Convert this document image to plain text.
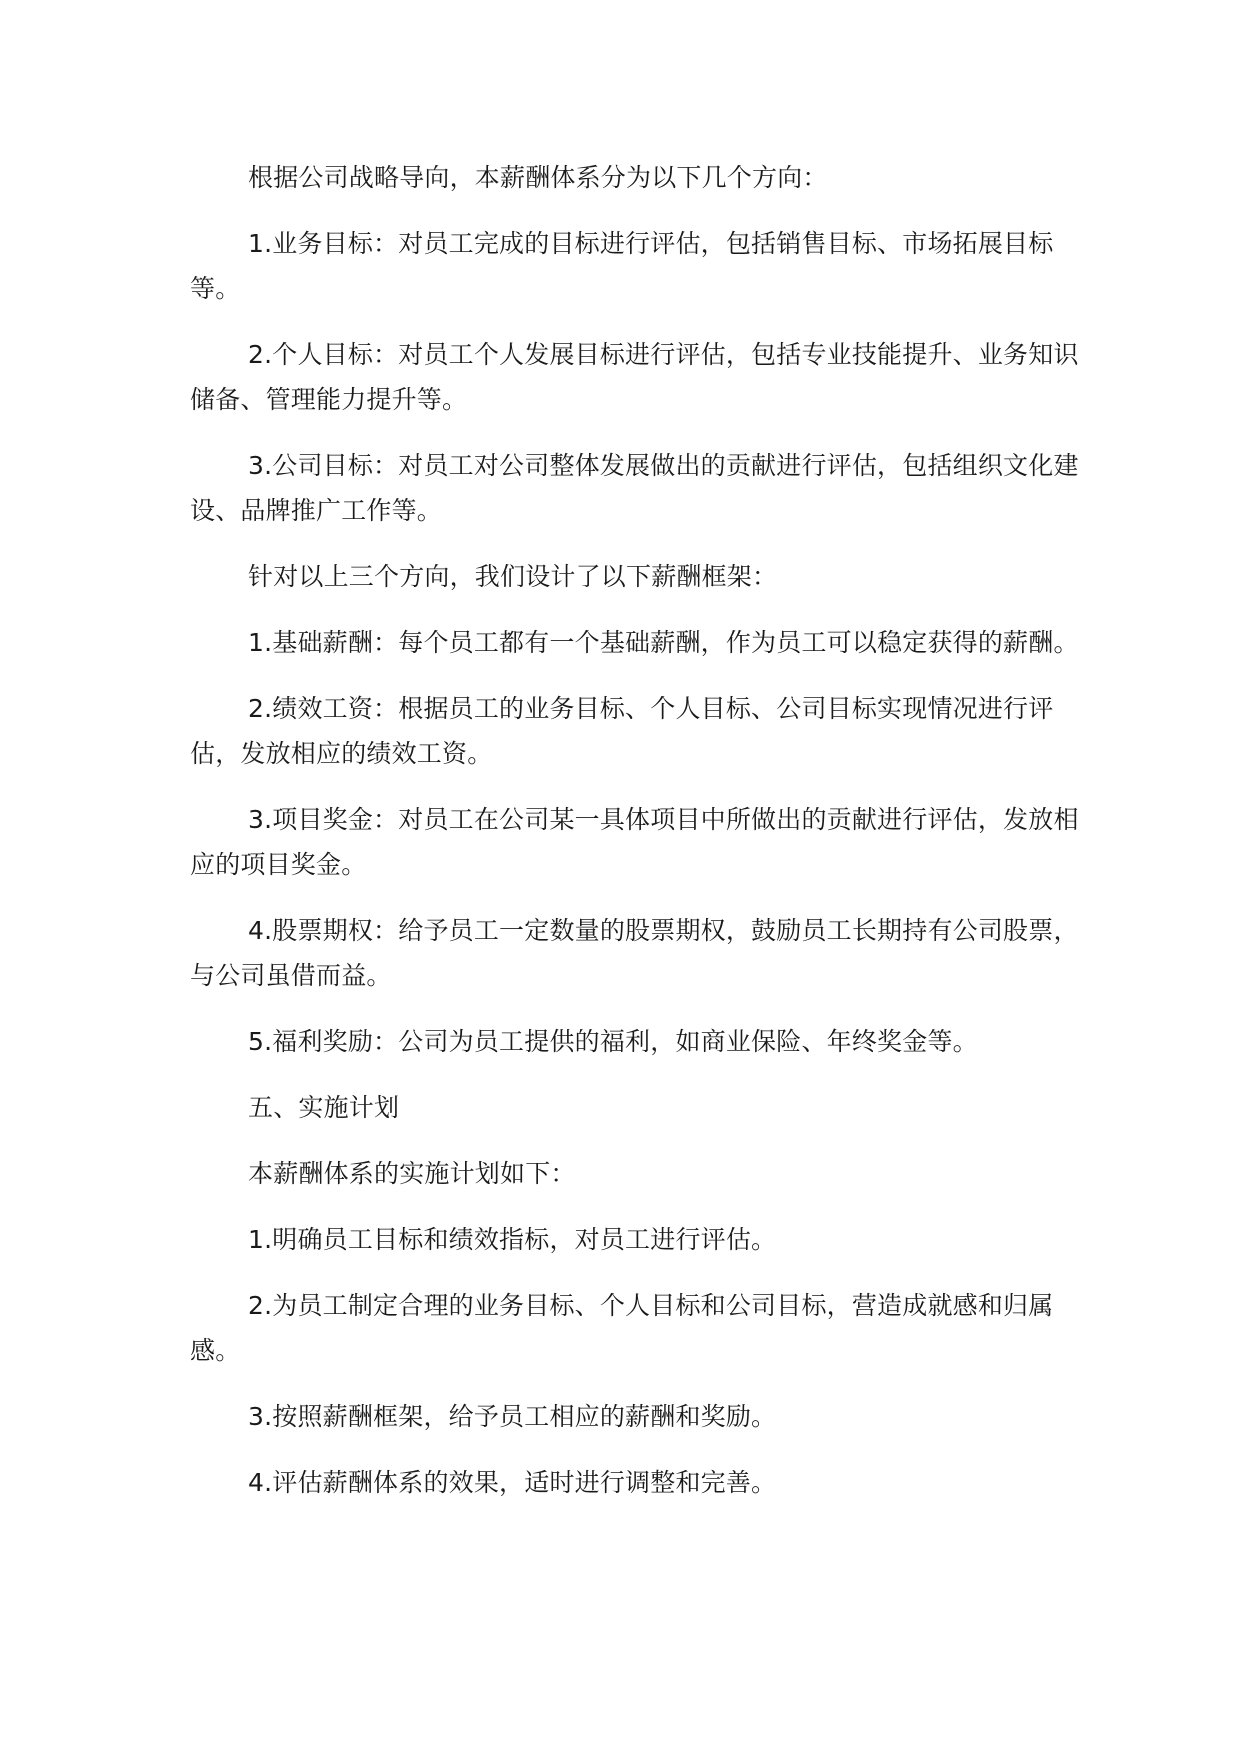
根据公司战略导向，本薪酬体系分为以下几个方向：

1.业务目标：对员工完成的目标进行评估，包括销售目标、市场拓展目标等。

2.个人目标：对员工个人发展目标进行评估，包括专业技能提升、业务知识储备、管理能力提升等。

3.公司目标：对员工对公司整体发展做出的贡献进行评估，包括组织文化建设、品牌推广工作等。

针对以上三个方向，我们设计了以下薪酬框架：

1.基础薪酬：每个员工都有一个基础薪酬，作为员工可以稳定获得的薪酬。

2.绩效工资：根据员工的业务目标、个人目标、公司目标实现情况进行评估，发放相应的绩效工资。

3.项目奖金：对员工在公司某一具体项目中所做出的贡献进行评估，发放相应的项目奖金。

4.股票期权：给予员工一定数量的股票期权，鼓励员工长期持有公司股票，与公司虽借而益。

5.福利奖励：公司为员工提供的福利，如商业保险、年终奖金等。

五、实施计划

本薪酬体系的实施计划如下：

1.明确员工目标和绩效指标，对员工进行评估。

2.为员工制定合理的业务目标、个人目标和公司目标，营造成就感和归属感。

3.按照薪酬框架，给予员工相应的薪酬和奖励。

4.评估薪酬体系的效果，适时进行调整和完善。
